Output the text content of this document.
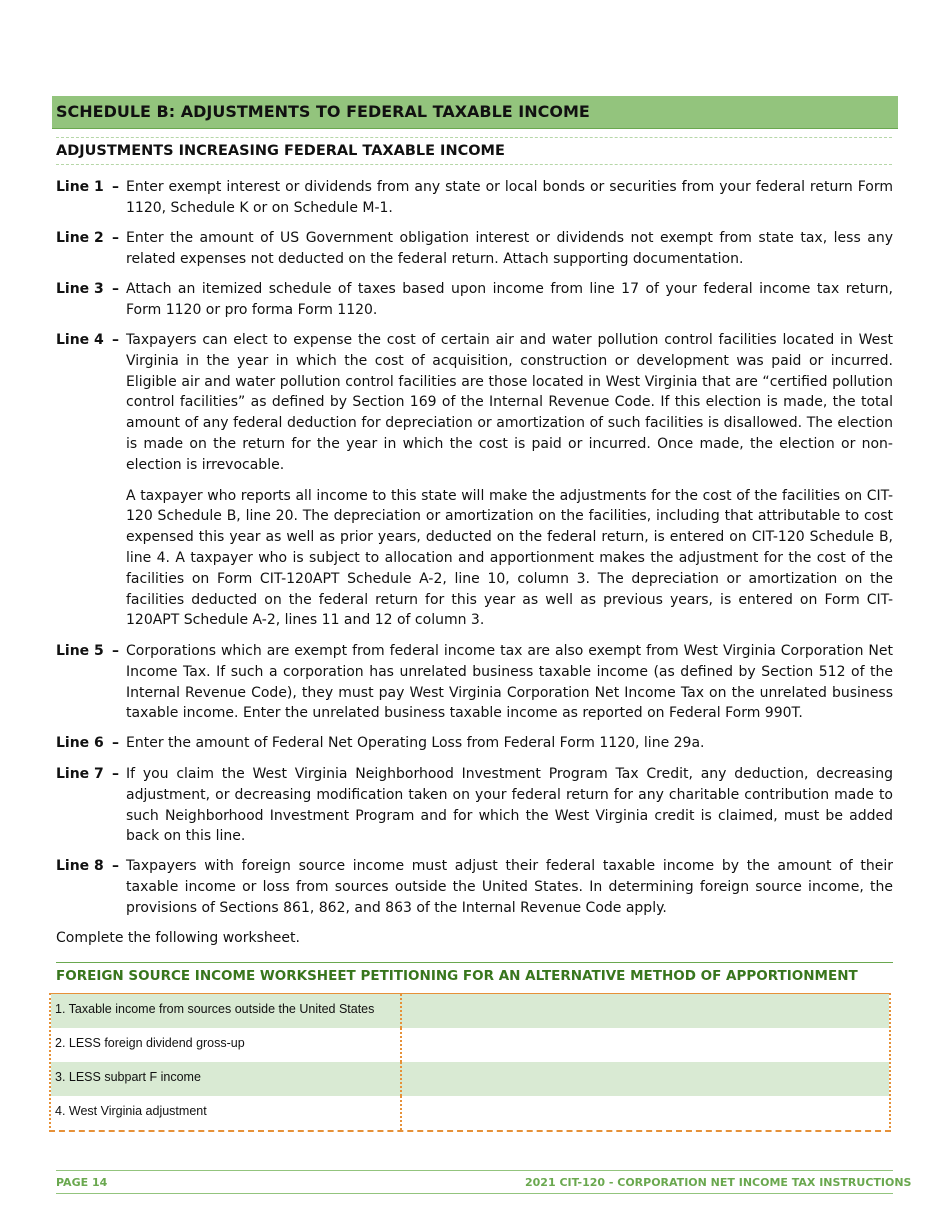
SCHEDULE B: ADJUSTMENTS TO FEDERAL TAXABLE INCOME
ADJUSTMENTS INCREASING FEDERAL TAXABLE INCOME
Line 1 – Enter exempt interest or dividends from any state or local bonds or securities from your federal return Form 1120, Schedule K or on Schedule M-1.
Line 2 – Enter the amount of US Government obligation interest or dividends not exempt from state tax, less any related expenses not deducted on the federal return. Attach supporting documentation.
Line 3 – Attach an itemized schedule of taxes based upon income from line 17 of your federal income tax return, Form 1120 or pro forma Form 1120.
Line 4 – Taxpayers can elect to expense the cost of certain air and water pollution control facilities located in West Virginia in the year in which the cost of acquisition, construction or development was paid or incurred. Eligible air and water pollution control facilities are those located in West Virginia that are “certified pollution control facilities” as defined by Section 169 of the Internal Revenue Code. If this election is made, the total amount of any federal deduction for depreciation or amortization of such facilities is disallowed. The election is made on the return for the year in which the cost is paid or incurred. Once made, the election or non-election is irrevocable.
A taxpayer who reports all income to this state will make the adjustments for the cost of the facilities on CIT-120 Schedule B, line 20. The depreciation or amortization on the facilities, including that attributable to cost expensed this year as well as prior years, deducted on the federal return, is entered on CIT-120 Schedule B, line 4. A taxpayer who is subject to allocation and apportionment makes the adjustment for the cost of the facilities on Form CIT-120APT Schedule A-2, line 10, column 3. The depreciation or amortization on the facilities deducted on the federal return for this year as well as previous years, is entered on Form CIT-120APT Schedule A-2, lines 11 and 12 of column 3.
Line 5 – Corporations which are exempt from federal income tax are also exempt from West Virginia Corporation Net Income Tax. If such a corporation has unrelated business taxable income (as defined by Section 512 of the Internal Revenue Code), they must pay West Virginia Corporation Net Income Tax on the unrelated business taxable income. Enter the unrelated business taxable income as reported on Federal Form 990T.
Line 6 – Enter the amount of Federal Net Operating Loss from Federal Form 1120, line 29a.
Line 7 – If you claim the West Virginia Neighborhood Investment Program Tax Credit, any deduction, decreasing adjustment, or decreasing modification taken on your federal return for any charitable contribution made to such Neighborhood Investment Program and for which the West Virginia credit is claimed, must be added back on this line.
Line 8 – Taxpayers with foreign source income must adjust their federal taxable income by the amount of their taxable income or loss from sources outside the United States. In determining foreign source income, the provisions of Sections 861, 862, and 863 of the Internal Revenue Code apply.
Complete the following worksheet.
FOREIGN SOURCE INCOME WORKSHEET PETITIONING FOR AN ALTERNATIVE METHOD OF APPORTIONMENT
1. Taxable income from sources outside the United States
2. LESS foreign dividend gross-up
3. LESS subpart F income
4. West Virginia adjustment
PAGE 14	2021 CIT-120 - CORPORATION NET INCOME TAX INSTRUCTIONS
